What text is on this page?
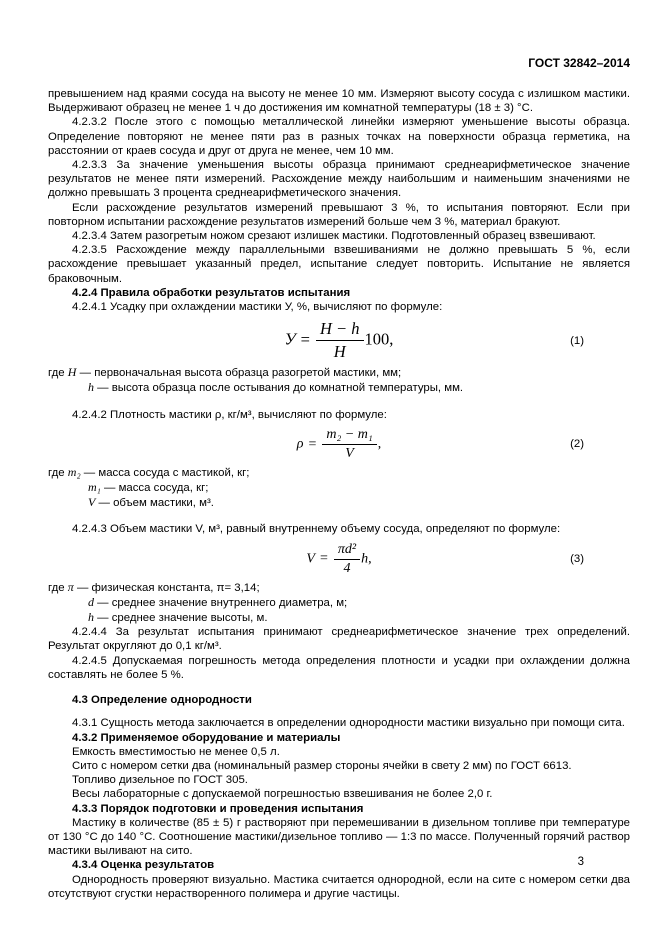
ГОСТ 32842–2014

превышением над краями сосуда на высоту не менее 10 мм. Измеряют высоту сосуда с излишком мастики. Выдерживают образец не менее 1 ч до достижения им комнатной температуры (18 ± 3) °С.

4.2.3.2 После этого с помощью металлической линейки измеряют уменьшение высоты образца. Определение повторяют не менее пяти раз в разных точках на поверхности образца герметика, на расстоянии от краев сосуда и друг от друга не менее, чем 10 мм.

4.2.3.3 За значение уменьшения высоты образца принимают среднеарифметическое значение результатов не менее пяти измерений. Расхождение между наибольшим и наименьшим значениями не должно превышать 3 процента среднеарифметического значения.

Если расхождение результатов измерений превышают 3 %, то испытания повторяют. Если при повторном испытании расхождение результатов измерений больше чем 3 %, материал бракуют.

4.2.3.4 Затем разогретым ножом срезают излишек мастики. Подготовленный образец взвешивают.

4.2.3.5 Расхождение между параллельными взвешиваниями не должно превышать 5 %, если расхождение превышает указанный предел, испытание следует повторить. Испытание не является браковочным.

4.2.4 Правила обработки результатов испытания

4.2.4.1 Усадку при охлаждении мастики У, %, вычисляют по формуле:

$У = \frac{H - h}{H} 100$,	(1)

где H — первоначальная высота образца разогретой мастики, мм;

h — высота образца после остывания до комнатной температуры, мм.

4.2.4.2 Плотность мастики ρ, кг/м³, вычисляют по формуле:

$\rho = \frac{\text{m₂ − m₁}}{V}$ ,	(2)

где m₂ — масса сосуда с мастикой, кг;

m₁ — масса сосуда, кг;

V — объем мастики, м³.

4.2.4.3 Объем мастики V, м³, равный внутреннему объему сосуда, определяют по формуле:

$V = \frac{\text{πd²}}{4} h$,	(3)

где π — физическая константа, π= 3,14;

d — среднее значение внутреннего диаметра, м;

h — среднее значение высоты, м.

4.2.4.4 За результат испытания принимают среднеарифметическое значение трех определений. Результат округляют до 0,1 кг/м³.

4.2.4.5 Допускаемая погрешность метода определения плотности и усадки при охлаждении должна составлять не более 5 %.

4.3 Определение однородности

4.3.1 Сущность метода заключается в определении однородности мастики визуально при помощи сита.

4.3.2 Применяемое оборудование и материалы

Емкость вместимостью не менее 0,5 л.

Сито с номером сетки два (номинальный размер стороны ячейки в свету 2 мм) по ГОСТ 6613.

Топливо дизельное по ГОСТ 305.

Весы лабораторные с допускаемой погрешностью взвешивания не более 2,0 г.

4.3.3 Порядок подготовки и проведения испытания

Мастику в количестве (85 ± 5) г растворяют при перемешивании в дизельном топливе при температуре от 130 °С до 140 °С. Соотношение мастики/дизельное топливо — 1:3 по массе. Полученный горячий раствор мастики выливают на сито.

4.3.4 Оценка результатов

Однородность проверяют визуально. Мастика считается однородной, если на сите с номером сетки два отсутствуют сгустки нерастворенного полимера и другие частицы.

3
